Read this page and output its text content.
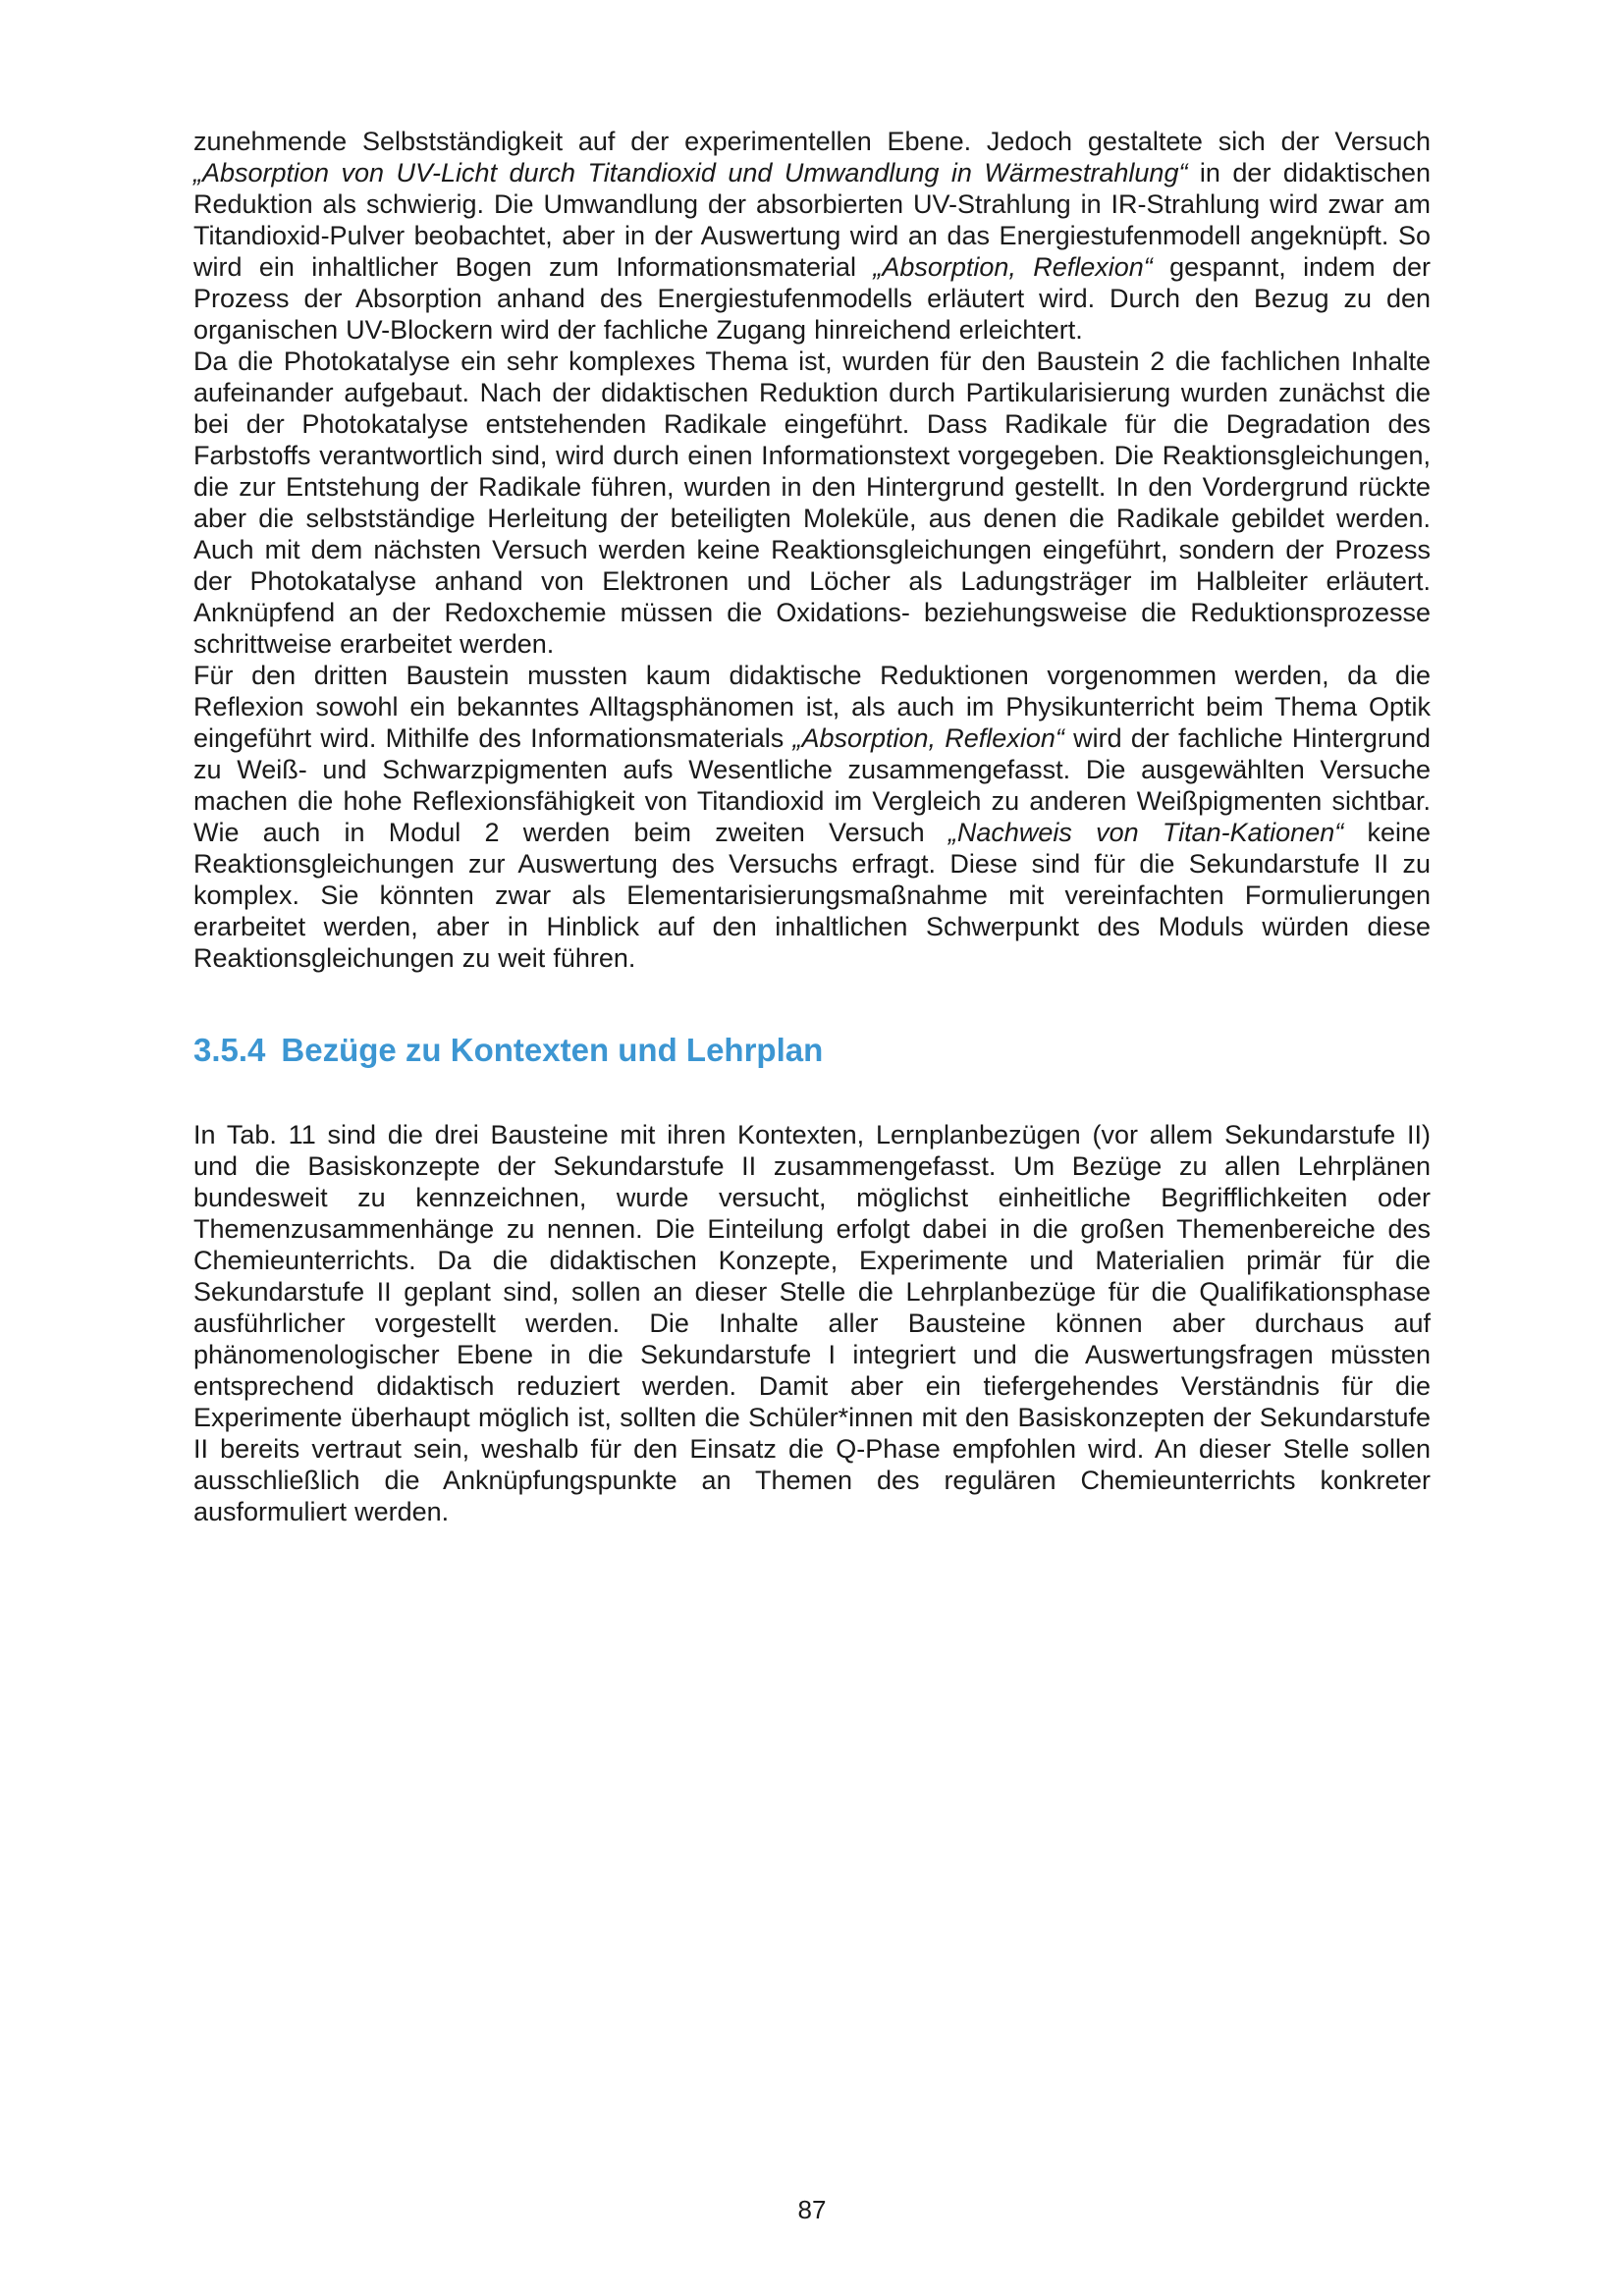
zunehmende Selbstständigkeit auf der experimentellen Ebene. Jedoch gestaltete sich der Versuch „Absorption von UV-Licht durch Titandioxid und Umwandlung in Wärmestrahlung“ in der didaktischen Reduktion als schwierig. Die Umwandlung der absorbierten UV-Strahlung in IR-Strahlung wird zwar am Titandioxid-Pulver beobachtet, aber in der Auswertung wird an das Energiestufenmodell angeknüpft. So wird ein inhaltlicher Bogen zum Informationsmaterial „Absorption, Reflexion“ gespannt, indem der Prozess der Absorption anhand des Energiestufenmodells erläutert wird. Durch den Bezug zu den organischen UV-Blockern wird der fachliche Zugang hinreichend erleichtert.

Da die Photokatalyse ein sehr komplexes Thema ist, wurden für den Baustein 2 die fachlichen Inhalte aufeinander aufgebaut. Nach der didaktischen Reduktion durch Partikularisierung wurden zunächst die bei der Photokatalyse entstehenden Radikale eingeführt. Dass Radikale für die Degradation des Farbstoffs verantwortlich sind, wird durch einen Informationstext vorgegeben. Die Reaktionsgleichungen, die zur Entstehung der Radikale führen, wurden in den Hintergrund gestellt. In den Vordergrund rückte aber die selbstständige Herleitung der beteiligten Moleküle, aus denen die Radikale gebildet werden. Auch mit dem nächsten Versuch werden keine Reaktionsgleichungen eingeführt, sondern der Prozess der Photokatalyse anhand von Elektronen und Löcher als Ladungsträger im Halbleiter erläutert. Anknüpfend an der Redoxchemie müssen die Oxidations- beziehungsweise die Reduktionsprozesse schrittweise erarbeitet werden.

Für den dritten Baustein mussten kaum didaktische Reduktionen vorgenommen werden, da die Reflexion sowohl ein bekanntes Alltagsphänomen ist, als auch im Physikunterricht beim Thema Optik eingeführt wird. Mithilfe des Informationsmaterials „Absorption, Reflexion“ wird der fachliche Hintergrund zu Weiß- und Schwarzpigmenten aufs Wesentliche zusammengefasst. Die ausgewählten Versuche machen die hohe Reflexionsfähigkeit von Titandioxid im Vergleich zu anderen Weißpigmenten sichtbar. Wie auch in Modul 2 werden beim zweiten Versuch „Nachweis von Titan-Kationen“ keine Reaktionsgleichungen zur Auswertung des Versuchs erfragt. Diese sind für die Sekundarstufe II zu komplex. Sie könnten zwar als Elementarisierungsmaßnahme mit vereinfachten Formulierungen erarbeitet werden, aber in Hinblick auf den inhaltlichen Schwerpunkt des Moduls würden diese Reaktionsgleichungen zu weit führen.

3.5.4 Bezüge zu Kontexten und Lehrplan

In Tab. 11 sind die drei Bausteine mit ihren Kontexten, Lernplanbezügen (vor allem Sekundarstufe II) und die Basiskonzepte der Sekundarstufe II zusammengefasst. Um Bezüge zu allen Lehrplänen bundesweit zu kennzeichnen, wurde versucht, möglichst einheitliche Begrifflichkeiten oder Themenzusammenhänge zu nennen. Die Einteilung erfolgt dabei in die großen Themenbereiche des Chemieunterrichts. Da die didaktischen Konzepte, Experimente und Materialien primär für die Sekundarstufe II geplant sind, sollen an dieser Stelle die Lehrplanbezüge für die Qualifikationsphase ausführlicher vorgestellt werden. Die Inhalte aller Bausteine können aber durchaus auf phänomenologischer Ebene in die Sekundarstufe I integriert und die Auswertungsfragen müssten entsprechend didaktisch reduziert werden. Damit aber ein tiefergehendes Verständnis für die Experimente überhaupt möglich ist, sollten die Schüler*innen mit den Basiskonzepten der Sekundarstufe II bereits vertraut sein, weshalb für den Einsatz die Q-Phase empfohlen wird. An dieser Stelle sollen ausschließlich die Anknüpfungspunkte an Themen des regulären Chemieunterrichts konkreter ausformuliert werden.

87
